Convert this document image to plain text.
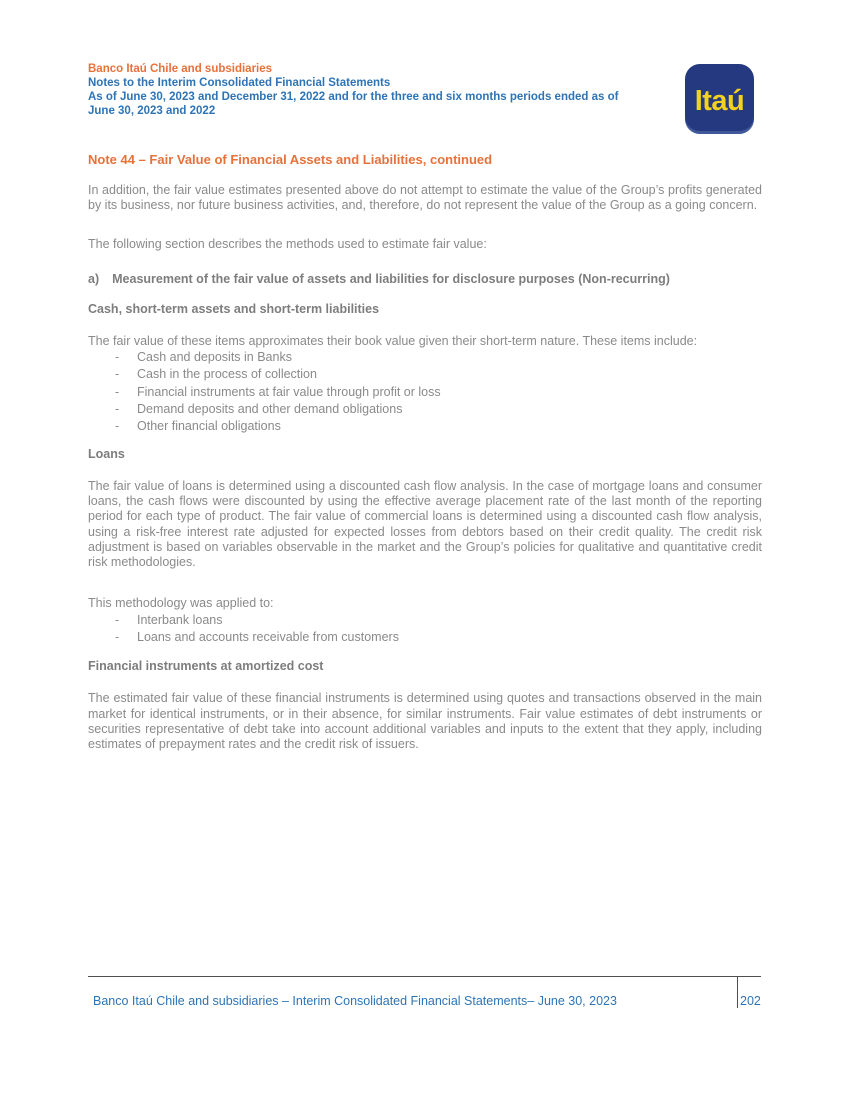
Banco Itaú Chile and subsidiaries
Notes to the Interim Consolidated Financial Statements
As of June 30, 2023 and December 31, 2022 and for the three and six months periods ended as of
June 30, 2023 and 2022	Itaú
Note 44 – Fair Value of Financial Assets and Liabilities, continued

In addition, the fair value estimates presented above do not attempt to estimate the value of the Group’s profits generated by its business, nor future business activities, and, therefore, do not represent the value of the Group as a going concern.

The following section describes the methods used to estimate fair value:

a) Measurement of the fair value of assets and liabilities for disclosure purposes (Non-recurring)
Cash, short-term assets and short-term liabilities

The fair value of these items approximates their book value given their short-term nature. These items include:

-	Cash and deposits in Banks
-	Cash in the process of collection
-	Financial instruments at fair value through profit or loss
-	Demand deposits and other demand obligations
-	Other financial obligations
Loans

The fair value of loans is determined using a discounted cash flow analysis. In the case of mortgage loans and consumer loans, the cash flows were discounted by using the effective average placement rate of the last month of the reporting period for each type of product. The fair value of commercial loans is determined using a discounted cash flow analysis, using a risk-free interest rate adjusted for expected losses from debtors based on their credit quality. The credit risk adjustment is based on variables observable in the market and the Group’s policies for qualitative and quantitative credit risk methodologies.

This methodology was applied to:

-	Interbank loans
-	Loans and accounts receivable from customers
Financial instruments at amortized cost

The estimated fair value of these financial instruments is determined using quotes and transactions observed in the main market for identical instruments, or in their absence, for similar instruments. Fair value estimates of debt instruments or securities representative of debt take into account additional variables and inputs to the extent that they apply, including estimates of prepayment rates and the credit risk of issuers.

Banco Itaú Chile and subsidiaries – Interim Consolidated Financial Statements– June 30, 2023	202
